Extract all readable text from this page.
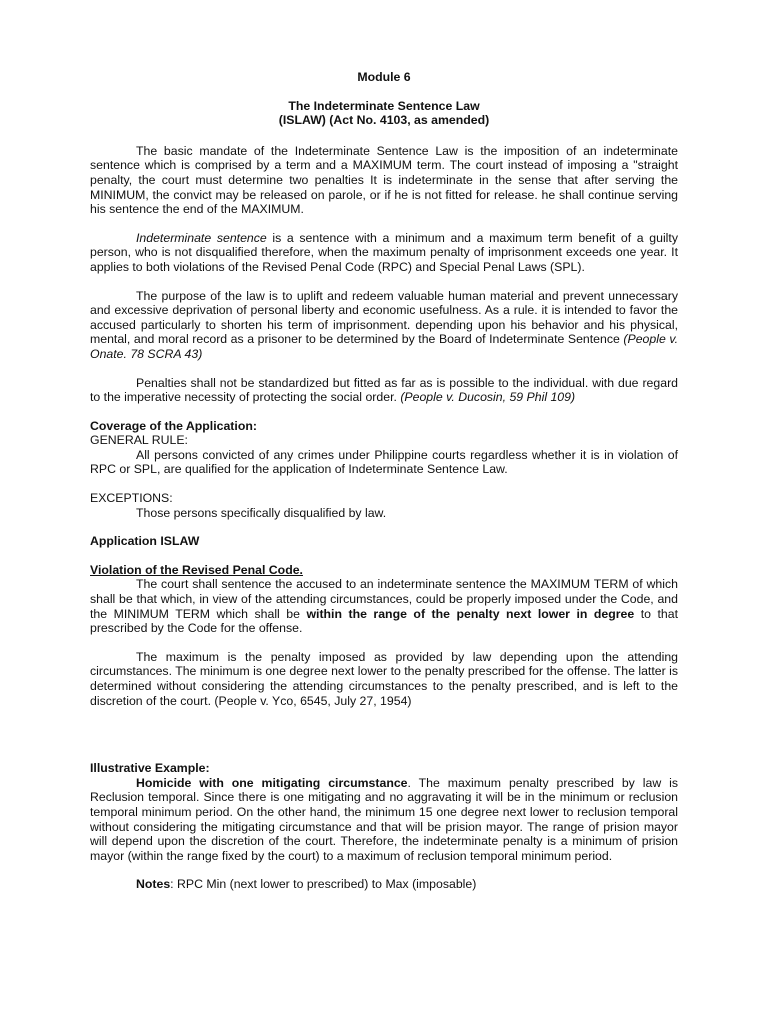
Module 6
The Indeterminate Sentence Law
(ISLAW) (Act No. 4103, as amended)

The basic mandate of the Indeterminate Sentence Law is the imposition of an indeterminate sentence which is comprised by a term and a MAXIMUM term. The court instead of imposing a "straight penalty, the court must determine two penalties It is indeterminate in the sense that after serving the MINIMUM, the convict may be released on parole, or if he is not fitted for release. he shall continue serving his sentence the end of the MAXIMUM.

Indeterminate sentence is a sentence with a minimum and a maximum term benefit of a guilty person, who is not disqualified therefore, when the maximum penalty of imprisonment exceeds one year. It applies to both violations of the Revised Penal Code (RPC) and Special Penal Laws (SPL).

The purpose of the law is to uplift and redeem valuable human material and prevent unnecessary and excessive deprivation of personal liberty and economic usefulness. As a rule. it is intended to favor the accused particularly to shorten his term of imprisonment. depending upon his behavior and his physical, mental, and moral record as a prisoner to be determined by the Board of Indeterminate Sentence (People v. Onate. 78 SCRA 43)

Penalties shall not be standardized but fitted as far as is possible to the individual. with due regard to the imperative necessity of protecting the social order. (People v. Ducosin, 59 Phil 109)

Coverage of the Application:
GENERAL RULE:

All persons convicted of any crimes under Philippine courts regardless whether it is in violation of RPC or SPL, are qualified for the application of Indeterminate Sentence Law.

EXCEPTIONS:

Those persons specifically disqualified by law.

Application ISLAW
Violation of the Revised Penal Code.

The court shall sentence the accused to an indeterminate sentence the MAXIMUM TERM of which shall be that which, in view of the attending circumstances, could be properly imposed under the Code, and the MINIMUM TERM which shall be within the range of the penalty next lower in degree to that prescribed by the Code for the offense.

The maximum is the penalty imposed as provided by law depending upon the attending circumstances. The minimum is one degree next lower to the penalty prescribed for the offense. The latter is determined without considering the attending circumstances to the penalty prescribed, and is left to the discretion of the court. (People v. Yco, 6545, July 27, 1954)

Illustrative Example:

Homicide with one mitigating circumstance. The maximum penalty prescribed by law is Reclusion temporal. Since there is one mitigating and no aggravating it will be in the minimum or reclusion temporal minimum period. On the other hand, the minimum 15 one degree next lower to reclusion temporal without considering the mitigating circumstance and that will be prision mayor. The range of prision mayor will depend upon the discretion of the court. Therefore, the indeterminate penalty is a minimum of prision mayor (within the range fixed by the court) to a maximum of reclusion temporal minimum period.

Notes: RPC Min (next lower to prescribed) to Max (imposable)
